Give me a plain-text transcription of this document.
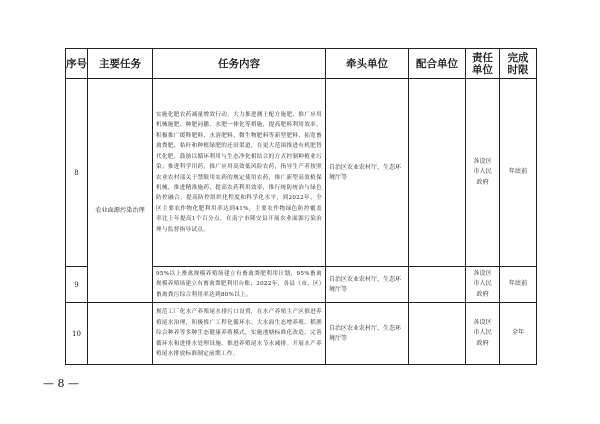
序号	主要任务	任务内容	牵头单位	配合单位	责任单位	完成时限
8	农业面源污染治理	实施化肥农药减量增效行动，大力推进测土配方施肥，推广应用机械施肥、种肥同播、水肥一体化等措施，提高肥料利用效率，积极推广缓释肥料、水溶肥料、微生物肥料等新型肥料，拓宽畜禽粪肥、秸秆和种植绿肥的还田渠道，在更大范围推进有机肥替代化肥，鼓励以循环利用与生态净化相结合的方式控制种植业污染；推进科学用药，推广应用高效低风险农药，指导生产者按照农业农村部关于禁限用农药的规定使用农药，推广新型高效植保机械，推进精准施药，提高农药利用效率，推行统防统治与绿色防控融合，提高防控组织化程度和科学化水平，到2022年，全区主要农作物化肥利用率达到41%，主要农作物绿色防控覆盖率比上年提高1个百分点。在南宁市隆安县开展农业面源污染治理与监督指导试点。	自治区农业农村厅、生态环境厅等		各设区市人民政府	年底前
9		95%以上畜禽规模养殖场建立有畜禽粪肥利用计划，95%畜禽规模养殖场建立有畜禽粪肥利用台账；2022年，各县（市、区）畜禽粪污综合利用率达到80%以上。	自治区农业农村厅、生态环境厅等		各设区市人民政府	年底前
10		规范工厂化水产养殖尾水排污口设置，在水产养殖主产区推进养殖尾水治理，积极推广工程化循环水、大水面生态增养殖、稻渔综合种养等多种生态健康养殖模式，实施池塘标准化改造，完善循环水和进排水处理设施，推进养殖尾水节水减排。开展水产养殖尾水排放标准制定前期工作。	自治区农业农村厅、生态环境厅等		各设区市人民政府	全年
— 8 —
